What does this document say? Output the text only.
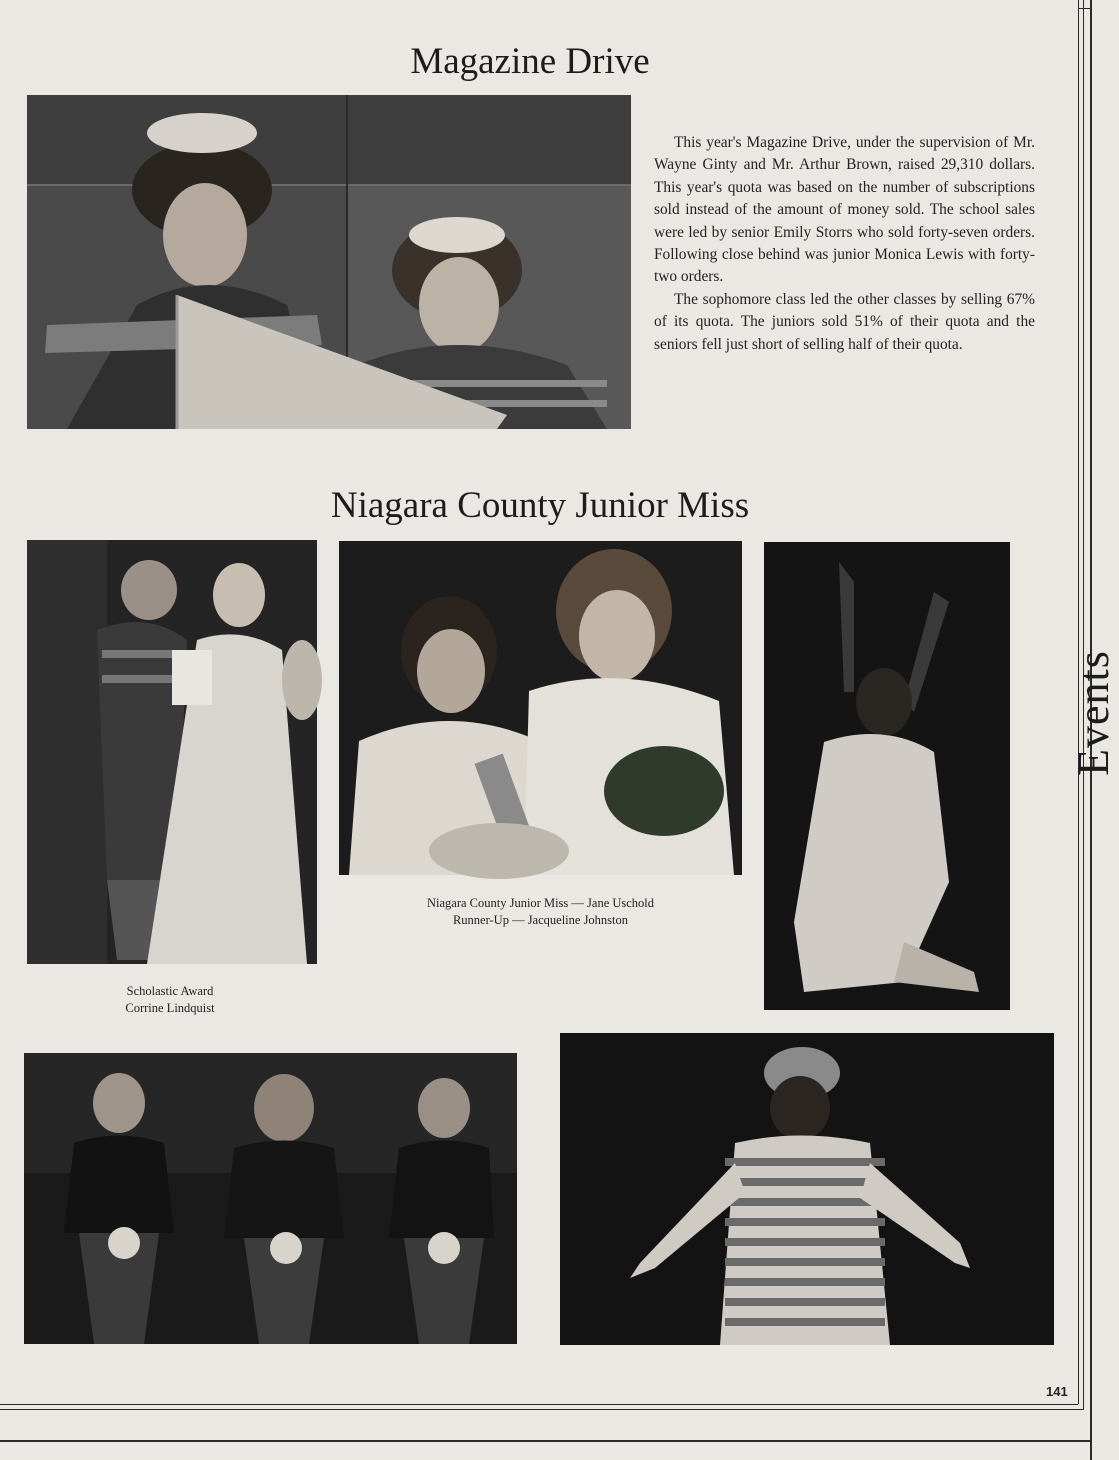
Magazine Drive

This year's Magazine Drive, under the supervision of Mr. Wayne Ginty and Mr. Arthur Brown, raised 29,310 dollars. This year's quota was based on the number of subscriptions sold instead of the amount of money sold. The school sales were led by senior Emily Storrs who sold forty-seven orders. Following close behind was junior Monica Lewis with forty-two orders.

The sophomore class led the other classes by selling 67% of its quota. The juniors sold 51% of their quota and the seniors fell just short of selling half of their quota.

Niagara County Junior Miss
Niagara County Junior Miss — Jane Uschold
Runner-Up — Jacqueline Johnston
Scholastic Award
Corrine Lindquist
Events
141
